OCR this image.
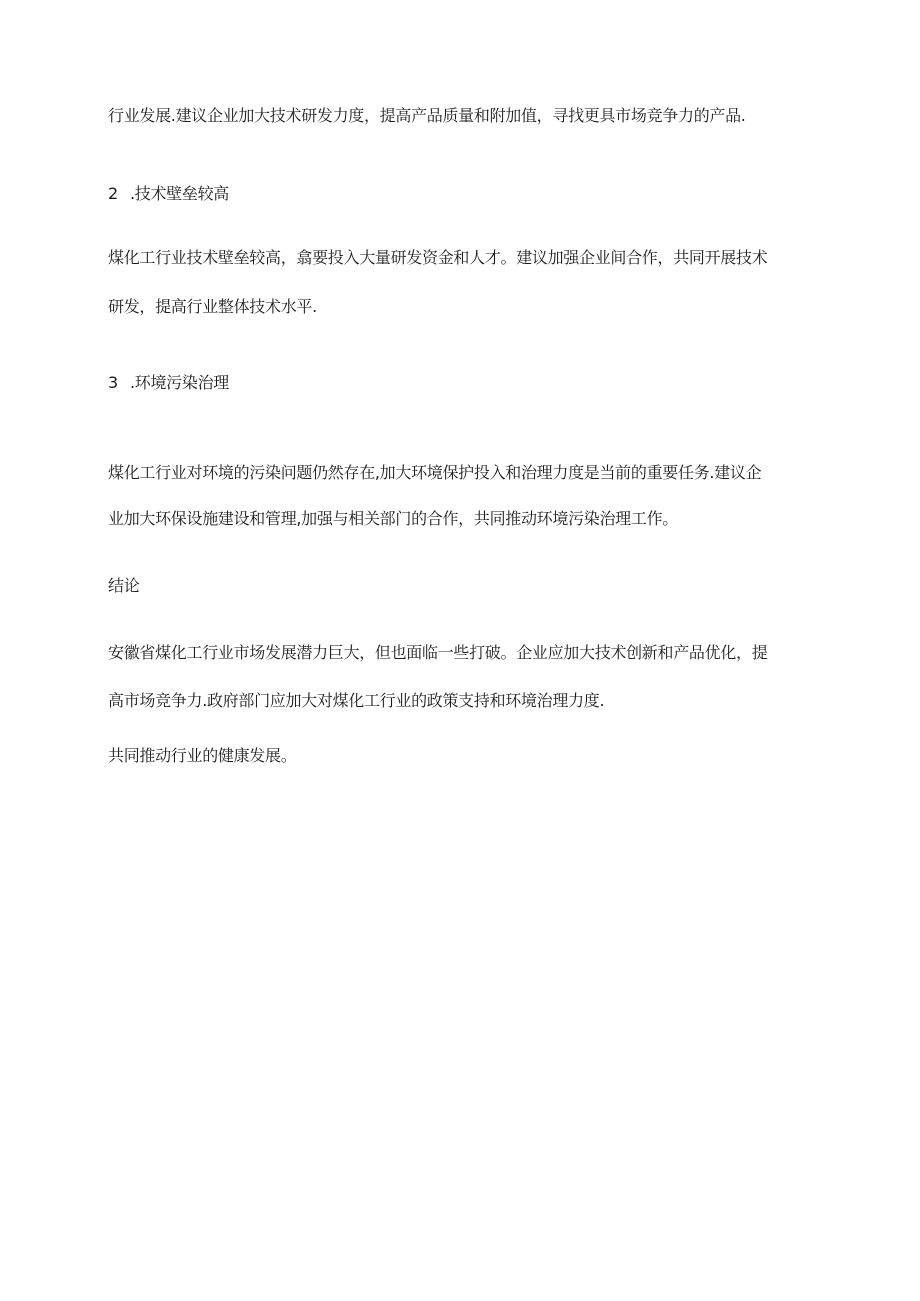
行业发展.建议企业加大技术研发力度，提高产品质量和附加值，寻找更具市场竞争力的产品.
2 .技术壁垒较高
煤化工行业技术壁垒较高，翕要投入大量研发资金和人才。建议加强企业间合作，共同开展技术
研发，提高行业整体技术水平.
3 .环境污染治理
煤化工行业对环境的污染问题仍然存在,加大环境保护投入和治理力度是当前的重要任务.建议企
业加大环保设施建设和管理,加强与相关部门的合作，共同推动环境污染治理工作。
结论
安徽省煤化工行业市场发展潜力巨大，但也面临一些打破。企业应加大技术创新和产品优化，提
高市场竞争力.政府部门应加大对煤化工行业的政策支持和环境治理力度.
共同推动行业的健康发展。
